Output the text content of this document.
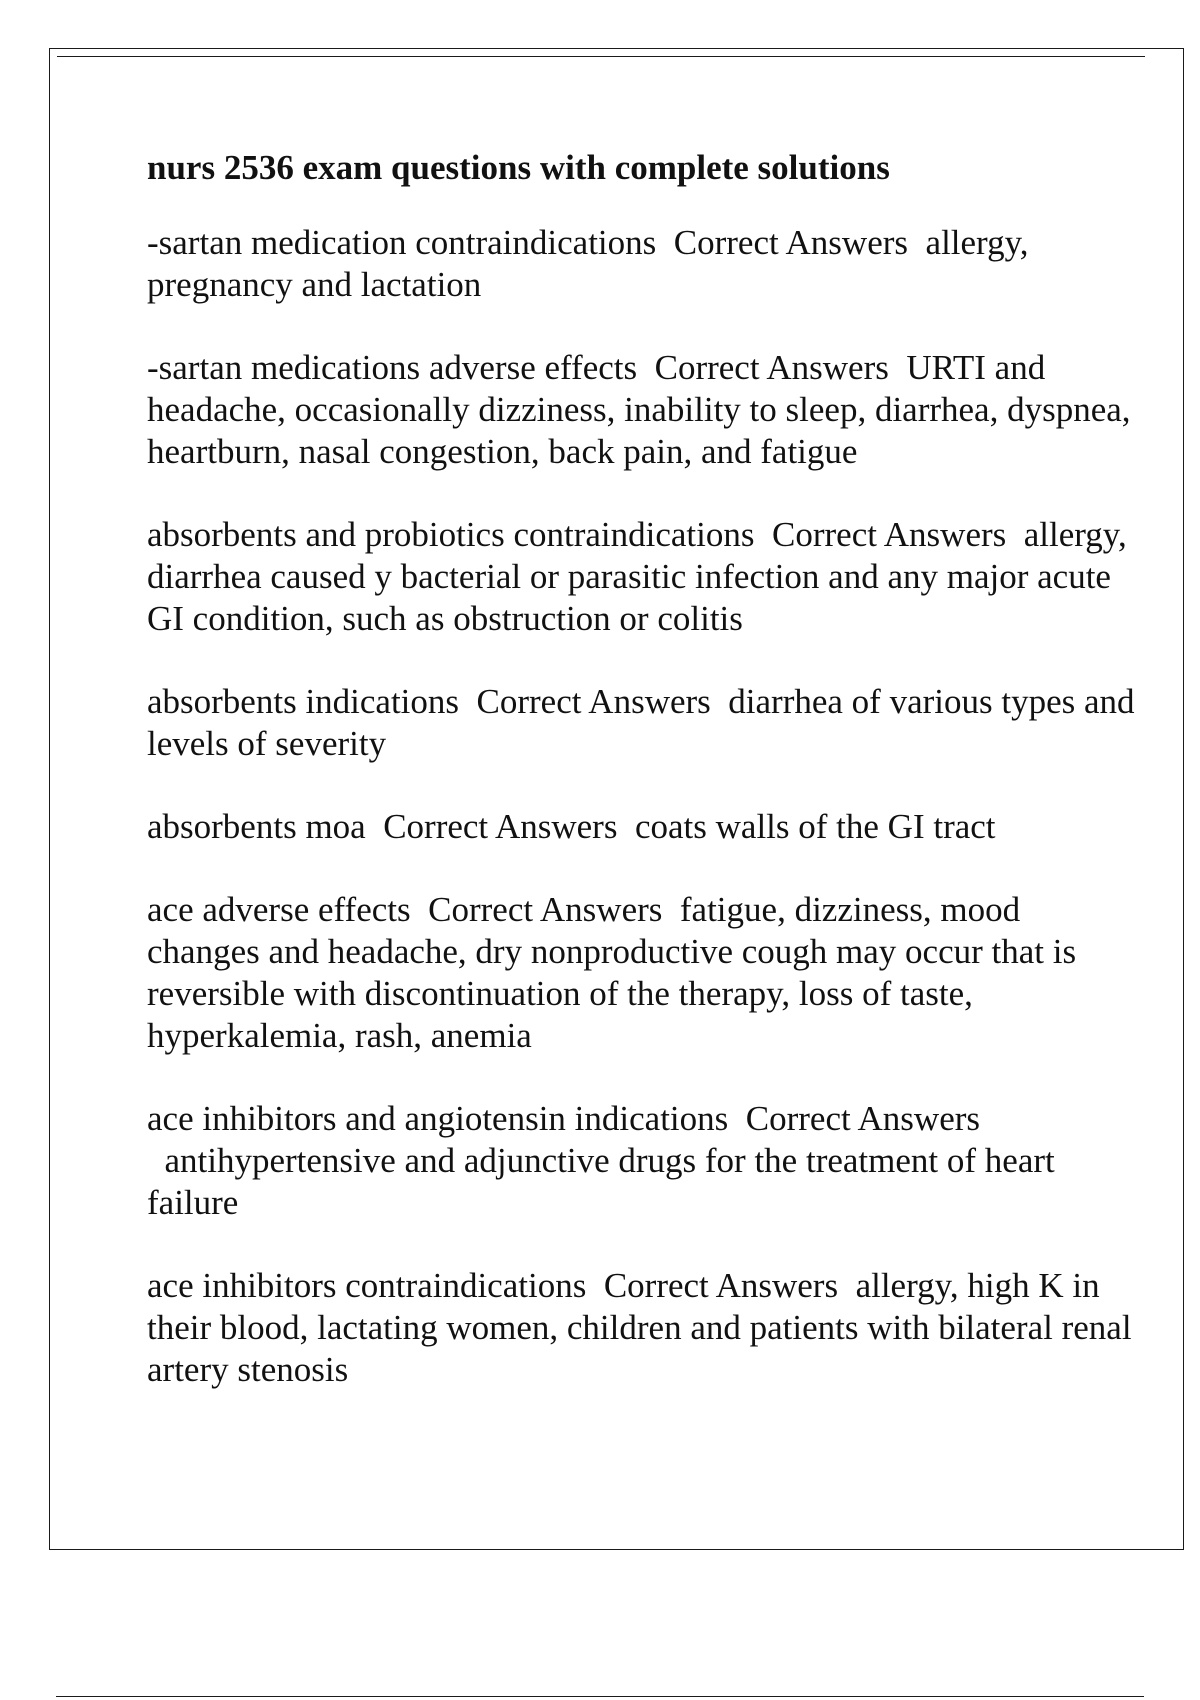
nurs 2536 exam questions with complete solutions
-sartan medication contraindications Correct Answers allergy, pregnancy and lactation
-sartan medications adverse effects Correct Answers URTI and headache, occasionally dizziness, inability to sleep, diarrhea, dyspnea, heartburn, nasal congestion, back pain, and fatigue
absorbents and probiotics contraindications Correct Answers allergy, diarrhea caused y bacterial or parasitic infection and any major acute GI condition, such as obstruction or colitis
absorbents indications Correct Answers diarrhea of various types and levels of severity
absorbents moa Correct Answers coats walls of the GI tract
ace adverse effects Correct Answers fatigue, dizziness, mood changes and headache, dry nonproductive cough may occur that is reversible with discontinuation of the therapy, loss of taste, hyperkalemia, rash, anemia
ace inhibitors and angiotensin indications Correct Answers  antihypertensive and adjunctive drugs for the treatment of heart failure
ace inhibitors contraindications Correct Answers allergy, high K in their blood, lactating women, children and patients with bilateral renal artery stenosis
